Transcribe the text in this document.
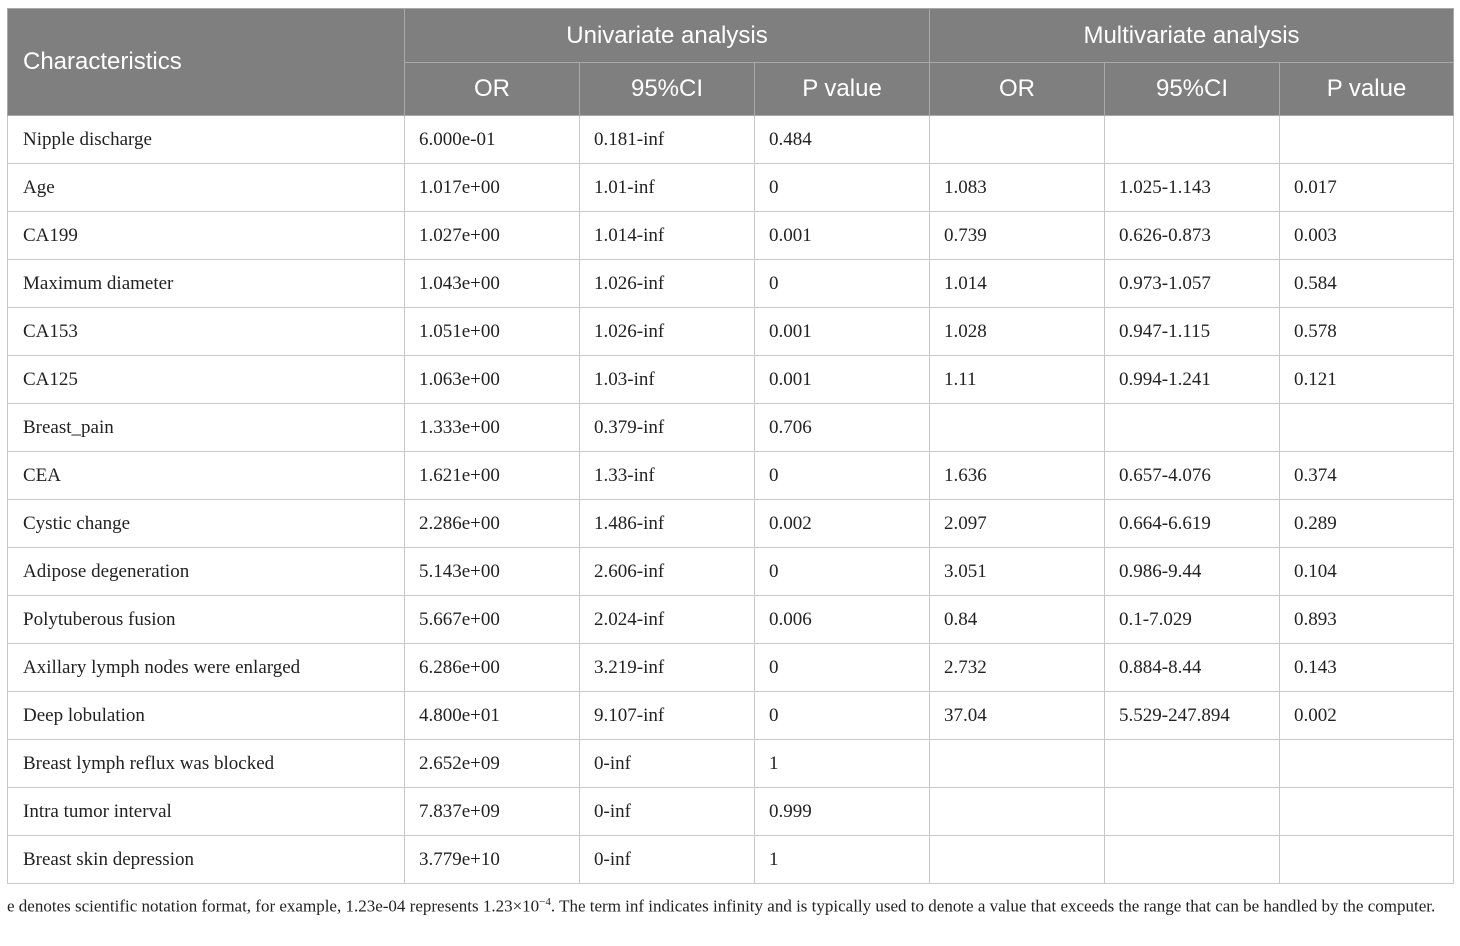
Characteristics	Univariate analysis			Multivariate analysis		
	OR	95%CI	P value	OR	95%CI	P value
Nipple discharge	6.000e-01	0.181-inf	0.484			
Age	1.017e+00	1.01-inf	0	1.083	1.025-1.143	0.017
CA199	1.027e+00	1.014-inf	0.001	0.739	0.626-0.873	0.003
Maximum diameter	1.043e+00	1.026-inf	0	1.014	0.973-1.057	0.584
CA153	1.051e+00	1.026-inf	0.001	1.028	0.947-1.115	0.578
CA125	1.063e+00	1.03-inf	0.001	1.11	0.994-1.241	0.121
Breast_pain	1.333e+00	0.379-inf	0.706			
CEA	1.621e+00	1.33-inf	0	1.636	0.657-4.076	0.374
Cystic change	2.286e+00	1.486-inf	0.002	2.097	0.664-6.619	0.289
Adipose degeneration	5.143e+00	2.606-inf	0	3.051	0.986-9.44	0.104
Polytuberous fusion	5.667e+00	2.024-inf	0.006	0.84	0.1-7.029	0.893
Axillary lymph nodes were enlarged	6.286e+00	3.219-inf	0	2.732	0.884-8.44	0.143
Deep lobulation	4.800e+01	9.107-inf	0	37.04	5.529-247.894	0.002
Breast lymph reflux was blocked	2.652e+09	0-inf	1			
Intra tumor interval	7.837e+09	0-inf	0.999			
Breast skin depression	3.779e+10	0-inf	1			
e denotes scientific notation format, for example, 1.23e-04 represents $1.23\times 10^{-4}$. The term inf indicates infinity and is typically used to denote a value that exceeds the range that can be handled by the computer.
